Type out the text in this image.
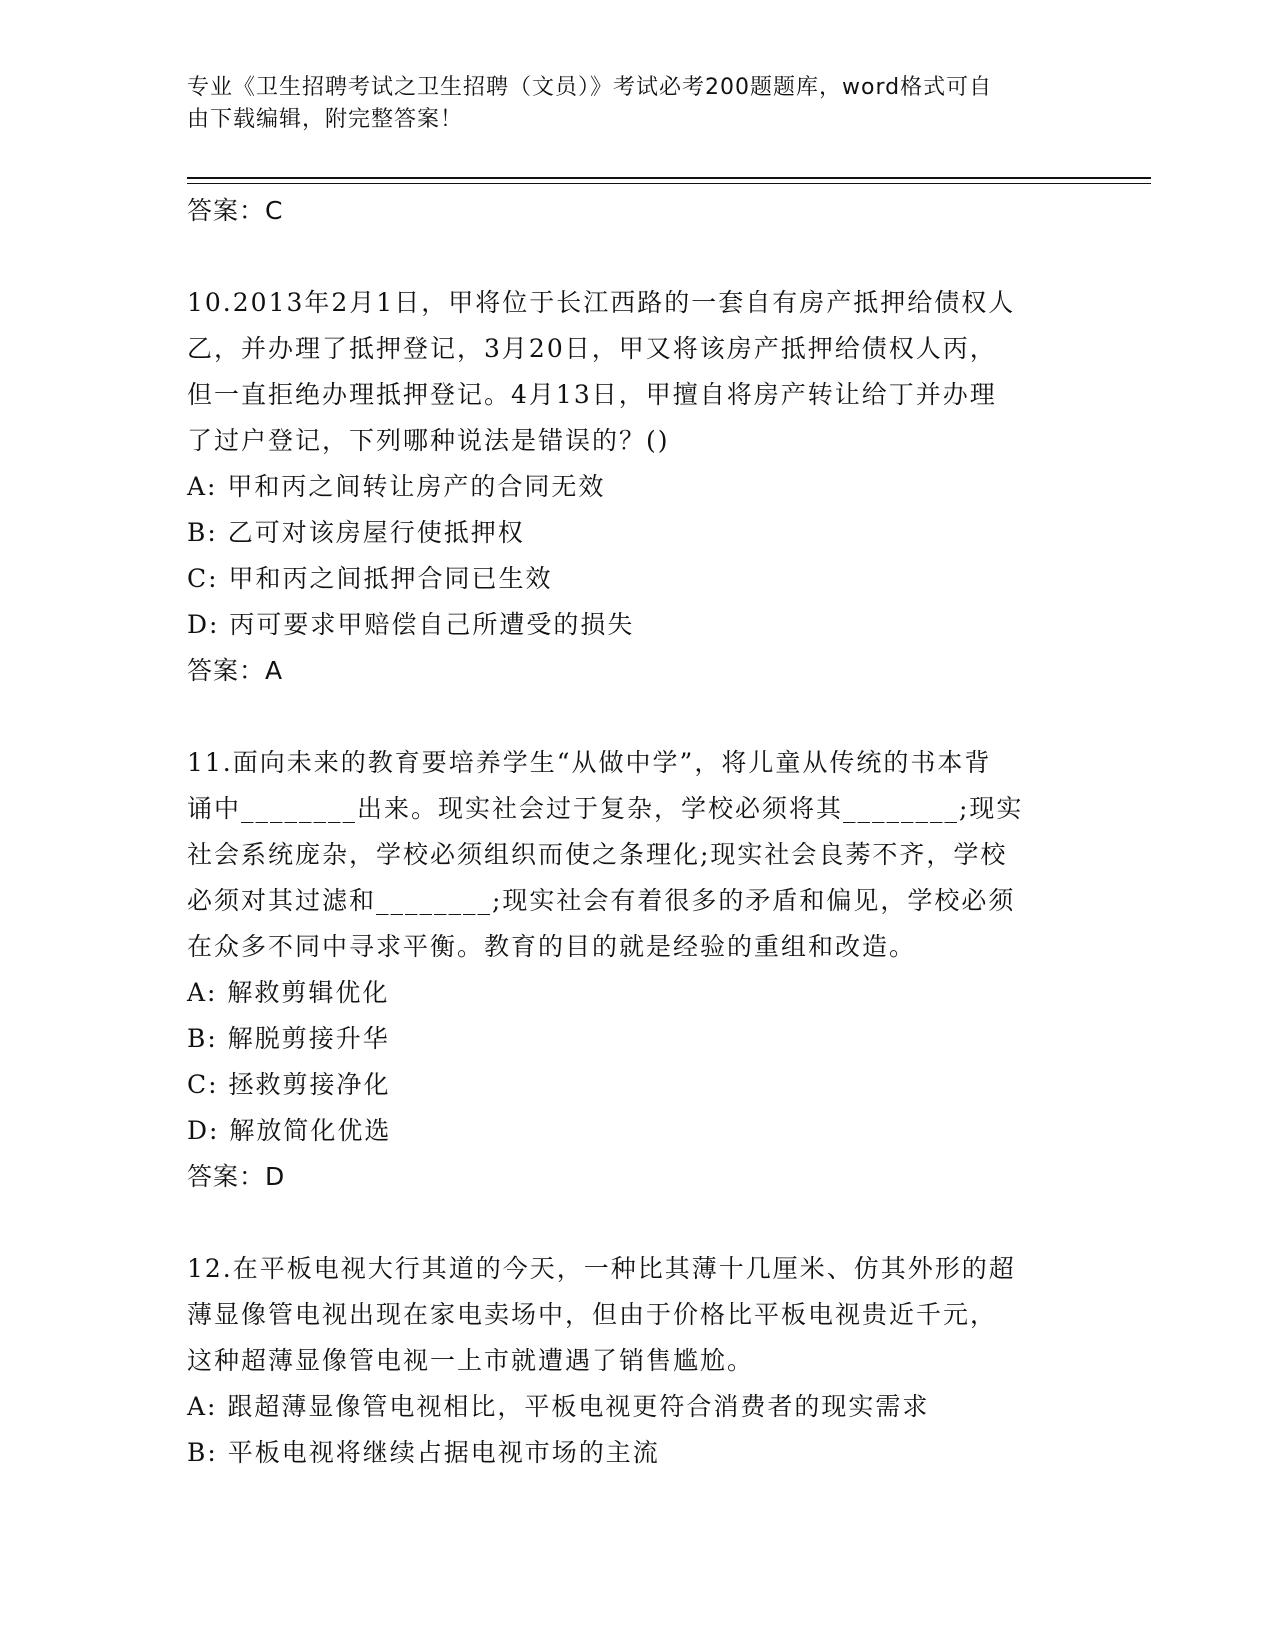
专业《卫生招聘考试之卫生招聘（文员）》考试必考200题题库，word格式可自
由下载编辑，附完整答案！

答案：C

10.2013年2月1日，甲将位于长江西路的一套自有房产抵押给债权人

乙，并办理了抵押登记，3月20日，甲又将该房产抵押给债权人丙，

但一直拒绝办理抵押登记。4月13日，甲擅自将房产转让给丁并办理

了过户登记，下列哪种说法是错误的？()

A: 甲和丙之间转让房产的合同无效

B: 乙可对该房屋行使抵押权

C: 甲和丙之间抵押合同已生效

D: 丙可要求甲赔偿自己所遭受的损失

答案：A

11.面向未来的教育要培养学生“从做中学”，将儿童从传统的书本背

诵中________出来。现实社会过于复杂，学校必须将其________;现实

社会系统庞杂，学校必须组织而使之条理化;现实社会良莠不齐，学校

必须对其过滤和________;现实社会有着很多的矛盾和偏见，学校必须

在众多不同中寻求平衡。教育的目的就是经验的重组和改造。

A: 解救剪辑优化

B: 解脱剪接升华

C: 拯救剪接净化

D: 解放简化优选

答案：D

12.在平板电视大行其道的今天，一种比其薄十几厘米、仿其外形的超

薄显像管电视出现在家电卖场中，但由于价格比平板电视贵近千元，

这种超薄显像管电视一上市就遭遇了销售尴尬。

A: 跟超薄显像管电视相比，平板电视更符合消费者的现实需求

B: 平板电视将继续占据电视市场的主流
